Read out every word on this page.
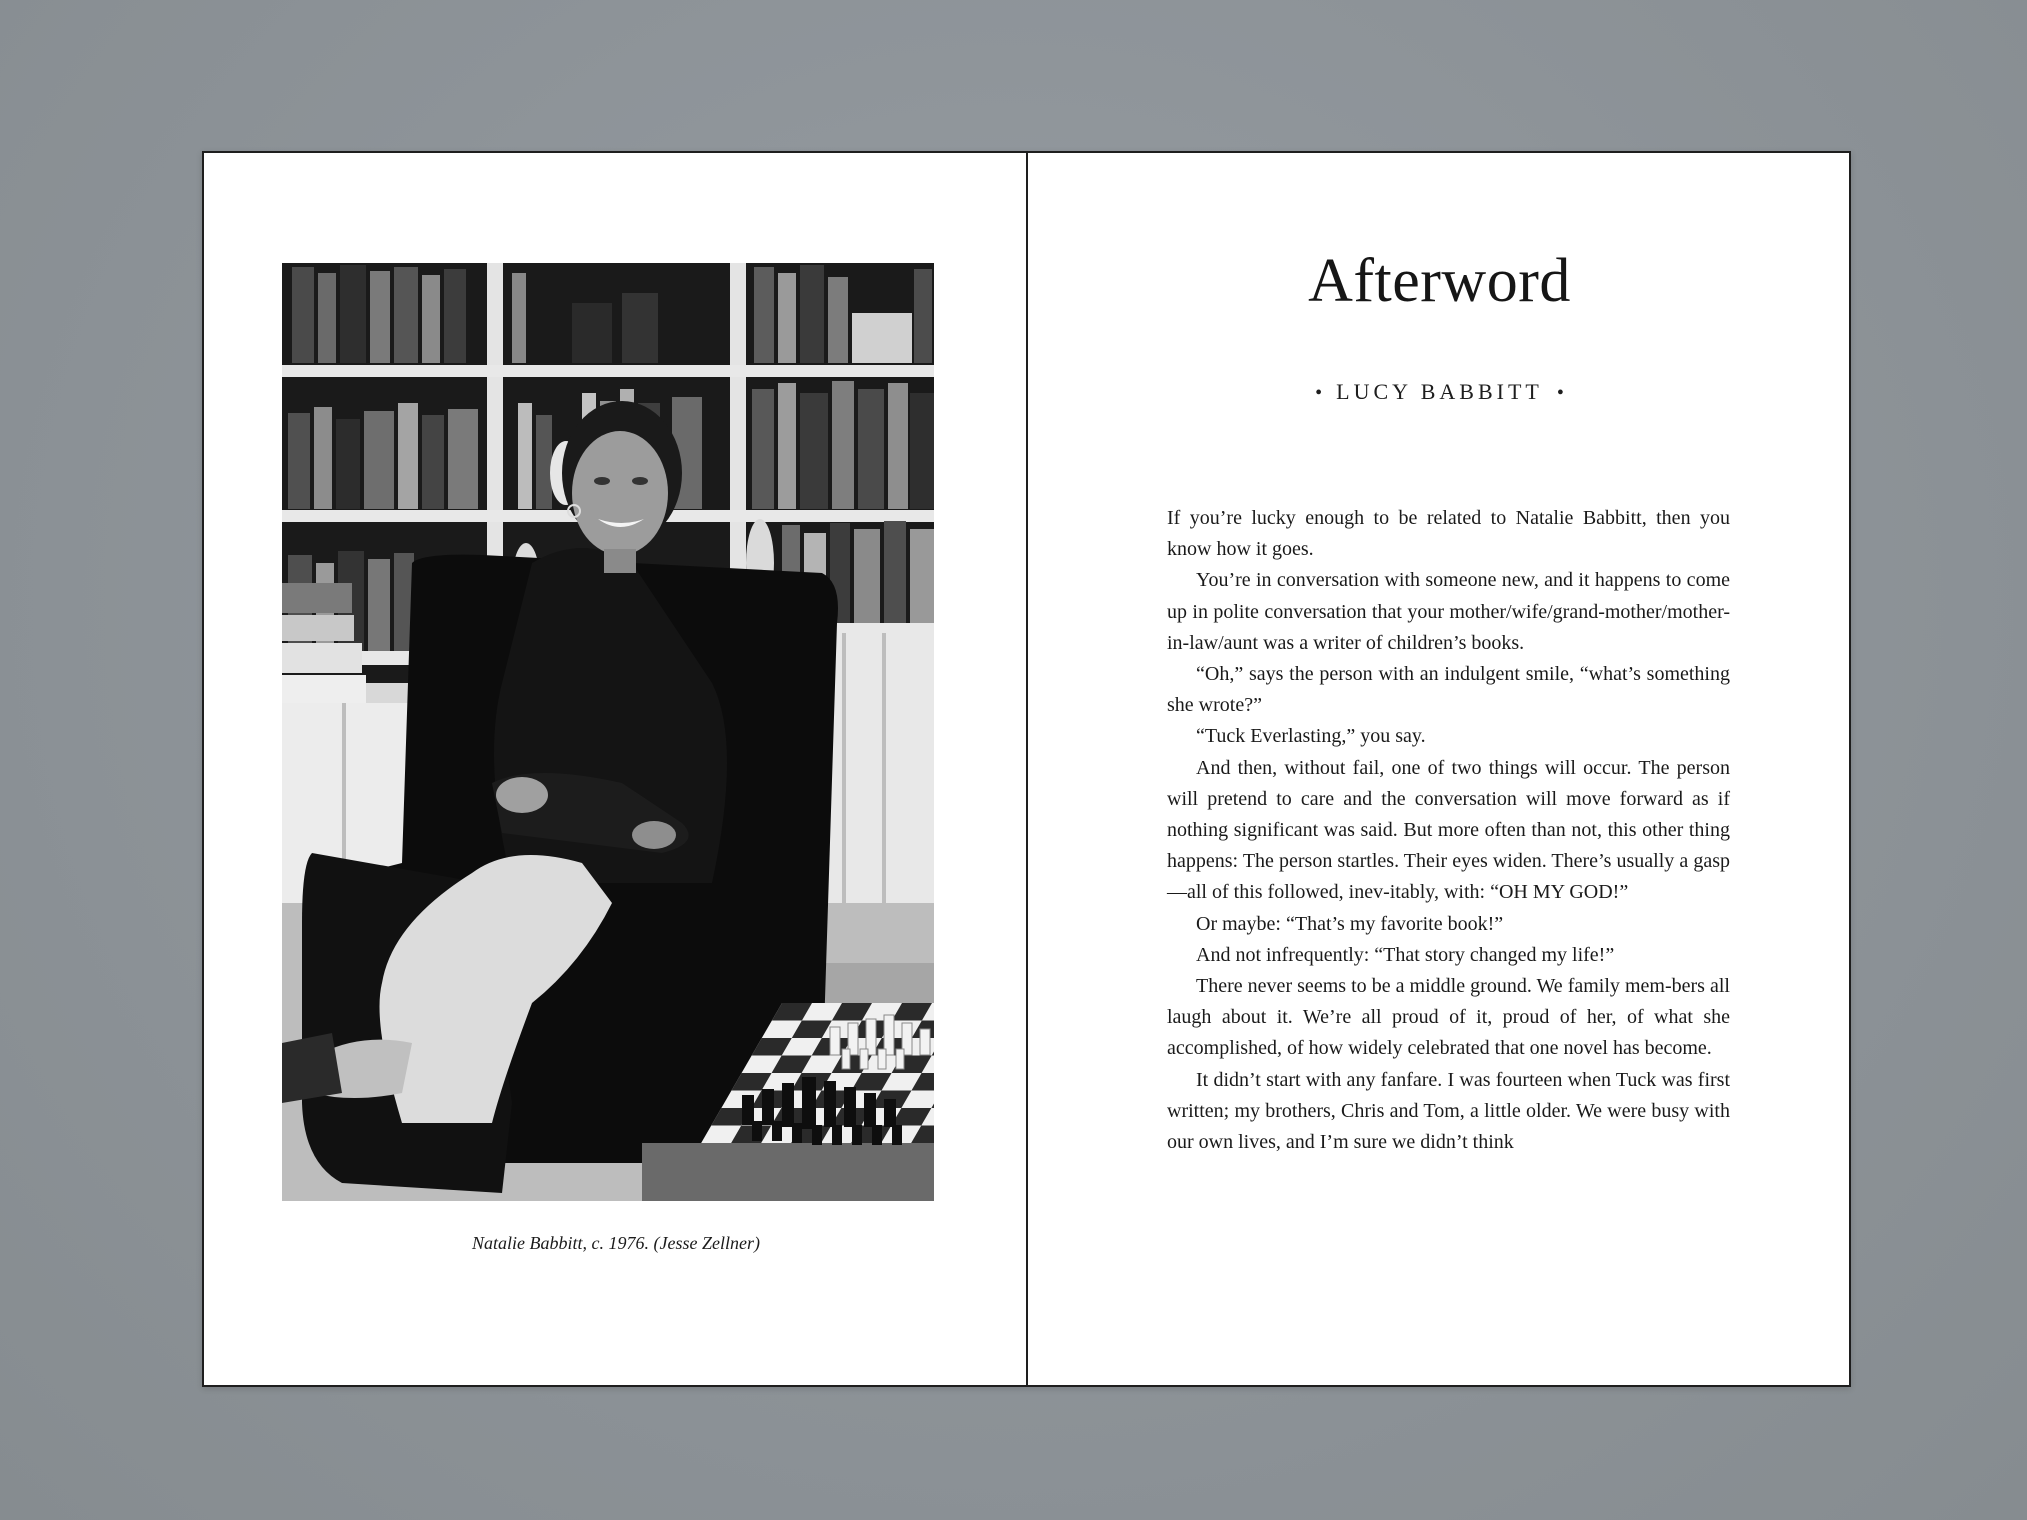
Natalie Babbitt, c. 1976. (Jesse Zellner)
Afterword
• LUCY BABBITT •

If you’re lucky enough to be related to Natalie Babbitt, then you know how it goes.

You’re in conversation with someone new, and it happens to come up in polite conversation that your mother/wife/grand-mother/mother-in-law/aunt was a writer of children’s books.

“Oh,” says the person with an indulgent smile, “what’s something she wrote?”

“Tuck Everlasting,” you say.

And then, without fail, one of two things will occur. The person will pretend to care and the conversation will move forward as if nothing significant was said. But more often than not, this other thing happens: The person startles. Their eyes widen. There’s usually a gasp—all of this followed, inev-itably, with: “OH MY GOD!”

Or maybe: “That’s my favorite book!”

And not infrequently: “That story changed my life!”

There never seems to be a middle ground. We family mem-bers all laugh about it. We’re all proud of it, proud of her, of what she accomplished, of how widely celebrated that one novel has become.

It didn’t start with any fanfare. I was fourteen when Tuck was first written; my brothers, Chris and Tom, a little older. We were busy with our own lives, and I’m sure we didn’t think
